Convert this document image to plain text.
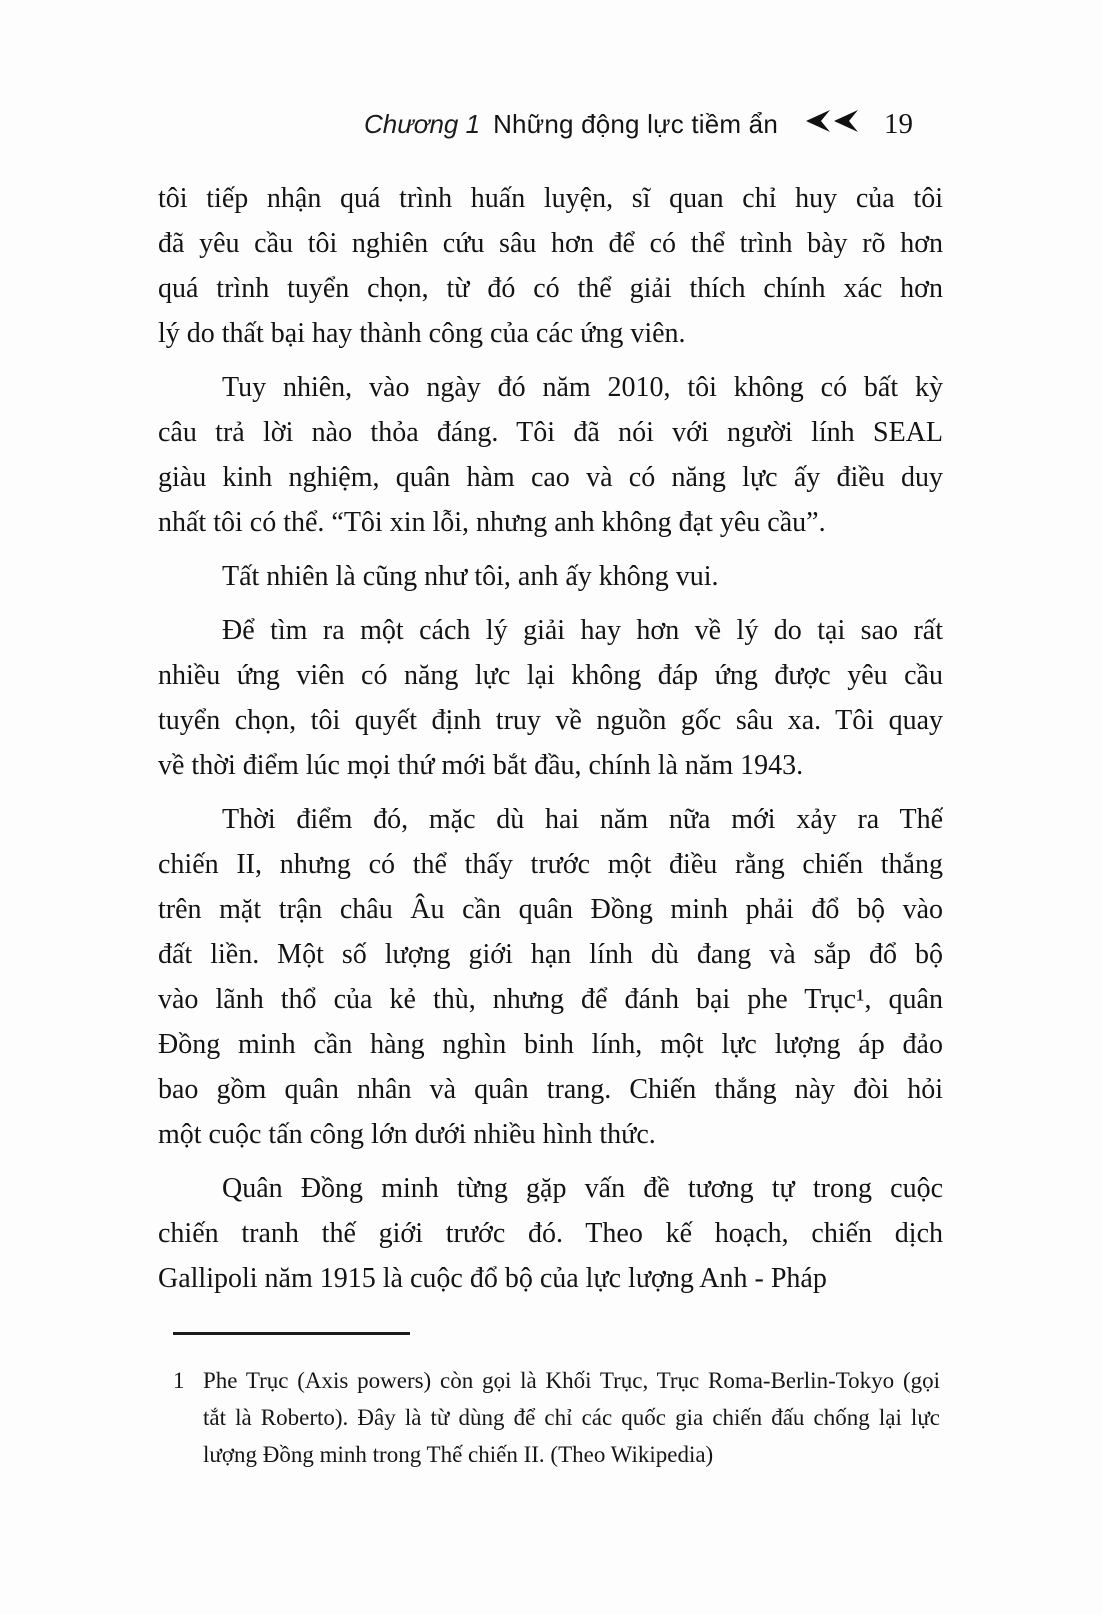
Chương 1 Những động lực tiềm ẩn	19
tôi tiếp nhận quá trình huấn luyện, sĩ quan chỉ huy của tôi
đã yêu cầu tôi nghiên cứu sâu hơn để có thể trình bày rõ hơn
quá trình tuyển chọn, từ đó có thể giải thích chính xác hơn
lý do thất bại hay thành công của các ứng viên.
Tuy nhiên, vào ngày đó năm 2010, tôi không có bất kỳ
câu trả lời nào thỏa đáng. Tôi đã nói với người lính SEAL
giàu kinh nghiệm, quân hàm cao và có năng lực ấy điều duy
nhất tôi có thể. “Tôi xin lỗi, nhưng anh không đạt yêu cầu”.
Tất nhiên là cũng như tôi, anh ấy không vui.
Để tìm ra một cách lý giải hay hơn về lý do tại sao rất
nhiều ứng viên có năng lực lại không đáp ứng được yêu cầu
tuyển chọn, tôi quyết định truy về nguồn gốc sâu xa. Tôi quay
về thời điểm lúc mọi thứ mới bắt đầu, chính là năm 1943.
Thời điểm đó, mặc dù hai năm nữa mới xảy ra Thế
chiến II, nhưng có thể thấy trước một điều rằng chiến thắng
trên mặt trận châu Âu cần quân Đồng minh phải đổ bộ vào
đất liền. Một số lượng giới hạn lính dù đang và sắp đổ bộ
vào lãnh thổ của kẻ thù, nhưng để đánh bại phe Trục¹, quân
Đồng minh cần hàng nghìn binh lính, một lực lượng áp đảo
bao gồm quân nhân và quân trang. Chiến thắng này đòi hỏi
một cuộc tấn công lớn dưới nhiều hình thức.
Quân Đồng minh từng gặp vấn đề tương tự trong cuộc
chiến tranh thế giới trước đó. Theo kế hoạch, chiến dịch
Gallipoli năm 1915 là cuộc đổ bộ của lực lượng Anh - Pháp
1 Phe Trục (Axis powers) còn gọi là Khối Trục, Trục Roma-Berlin-Tokyo (gọi
tắt là Roberto). Đây là từ dùng để chỉ các quốc gia chiến đấu chống lại lực
lượng Đồng minh trong Thế chiến II. (Theo Wikipedia)
